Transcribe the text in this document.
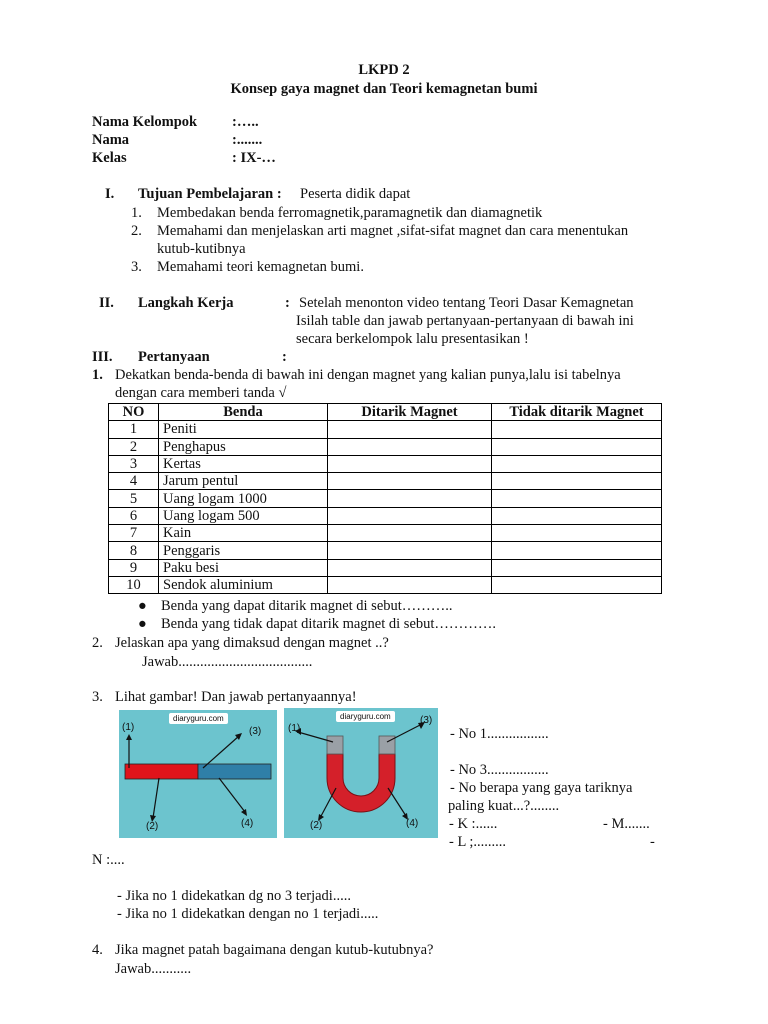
LKPD 2
Konsep gaya magnet dan Teori kemagnetan bumi
Nama Kelompok :…..
Nama	:.......
Kelas	: IX-…
I. Tujuan Pembelajaran : Peserta didik dapat
1. Membedakan benda ferromagnetik,paramagnetik dan diamagnetik
2. Memahami dan menjelaskan arti magnet ,sifat-sifat magnet dan cara menentukan
kutub-kutibnya
3. Memahami teori kemagnetan bumi.
II. Langkah Kerja	: Setelah menonton video tentang Teori Dasar Kemagnetan
Isilah table dan jawab pertanyaan-pertanyaan di bawah ini
secara berkelompok lalu presentasikan !
III. Pertanyaan	:
1. Dekatkan benda-benda di bawah ini dengan magnet yang kalian punya,lalu isi tabelnya
dengan cara memberi tanda √
NO	Benda	Ditarik Magnet	Tidak ditarik Magnet
1	Peniti		
2	Penghapus		
3	Kertas		
4	Jarum pentul		
5	Uang logam 1000		
6	Uang logam 500		
7	Kain		
8	Penggaris		
9	Paku besi		
10	Sendok aluminium		
● Benda yang dapat ditarik magnet di sebut………..
● Benda yang tidak dapat ditarik magnet di sebut………….
2. Jelaskan apa yang dimaksud dengan magnet ..?
Jawab.....................................
3. Lihat gambar! Dan jawab pertanyaannya!
diaryguru.com
(1)	(3)
(2)	(4)
diaryguru.com
(1)
(3)
(2)	(4)
- No 1.................
- No 3.................
- No berapa yang gaya tariknya
paling kuat...?........
- K :......	- M.......
- L ;.........	-
N :....
- Jika no 1 didekatkan dg no 3 terjadi.....
- Jika no 1 didekatkan dengan no 1 terjadi.....
4. Jika magnet patah bagaimana dengan kutub-kutubnya?
Jawab...........
